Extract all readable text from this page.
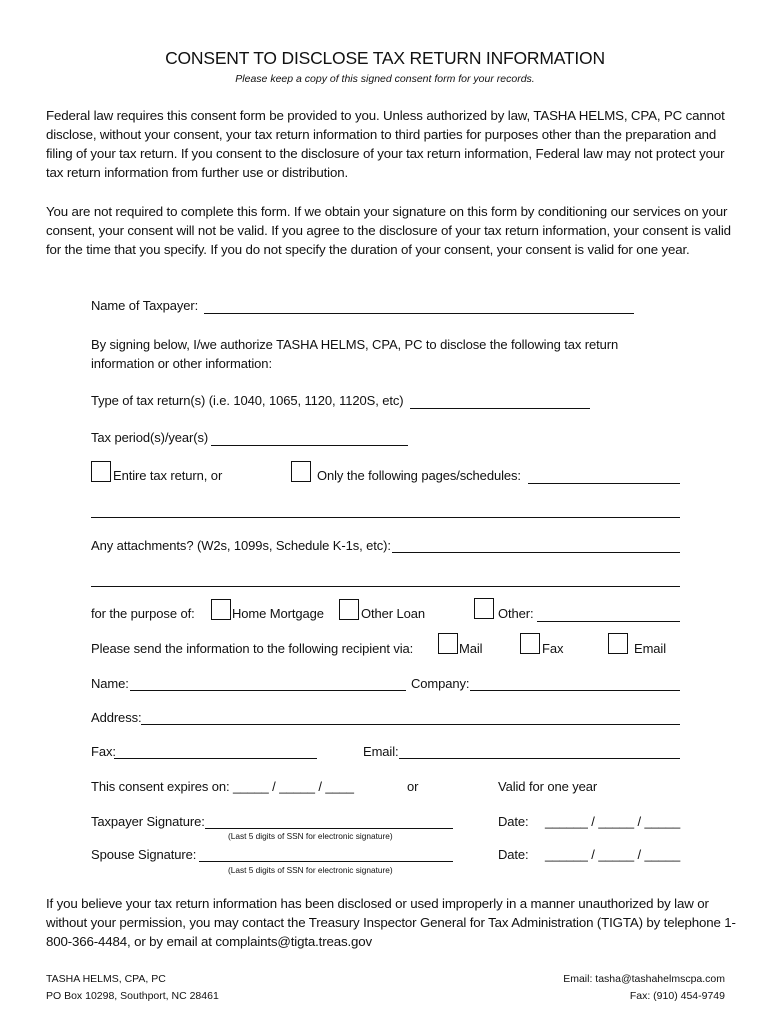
CONSENT TO DISCLOSE TAX RETURN INFORMATION
Please keep a copy of this signed consent form for your records.
Federal law requires this consent form be provided to you. Unless authorized by law, TASHA HELMS, CPA, PC cannot disclose, without your consent, your tax return information to third parties for purposes other than the preparation and filing of your tax return. If you consent to the disclosure of your tax return information, Federal law may not protect your tax return information from further use or distribution.
You are not required to complete this form. If we obtain your signature on this form by conditioning our services on your consent, your consent will not be valid. If you agree to the disclosure of your tax return information, your consent is valid for the time that you specify. If you do not specify the duration of your consent, your consent is valid for one year.
Name of Taxpayer:
By signing below, I/we authorize TASHA HELMS, CPA, PC to disclose the following tax return information or other information:
Type of tax return(s) (i.e. 1040, 1065, 1120, 1120S, etc)
Tax period(s)/year(s)
Entire tax return, or	Only the following pages/schedules:
Any attachments? (W2s, 1099s, Schedule K-1s, etc):
for the purpose of:	Home Mortgage	Other Loan	Other:
Please send the information to the following recipient via:	Mail	Fax	Email
Name:	Company:
Address:
Fax:	Email:
This consent expires on: _____ / _____ / ____	or	Valid for one year
Taxpayer Signature:
(Last 5 digits of SSN for electronic signature)
Date: ______ / _____ / _____
Spouse Signature:
(Last 5 digits of SSN for electronic signature)
Date: ______ / _____ / _____
If you believe your tax return information has been disclosed or used improperly in a manner unauthorized by law or without your permission, you may contact the Treasury Inspector General for Tax Administration (TIGTA) by telephone 1-800-366-4484, or by email at complaints@tigta.treas.gov
TASHA HELMS, CPA, PC
PO Box 10298, Southport, NC 28461
Email: tasha@tashahelmscpa.com
Fax: (910) 454-9749
